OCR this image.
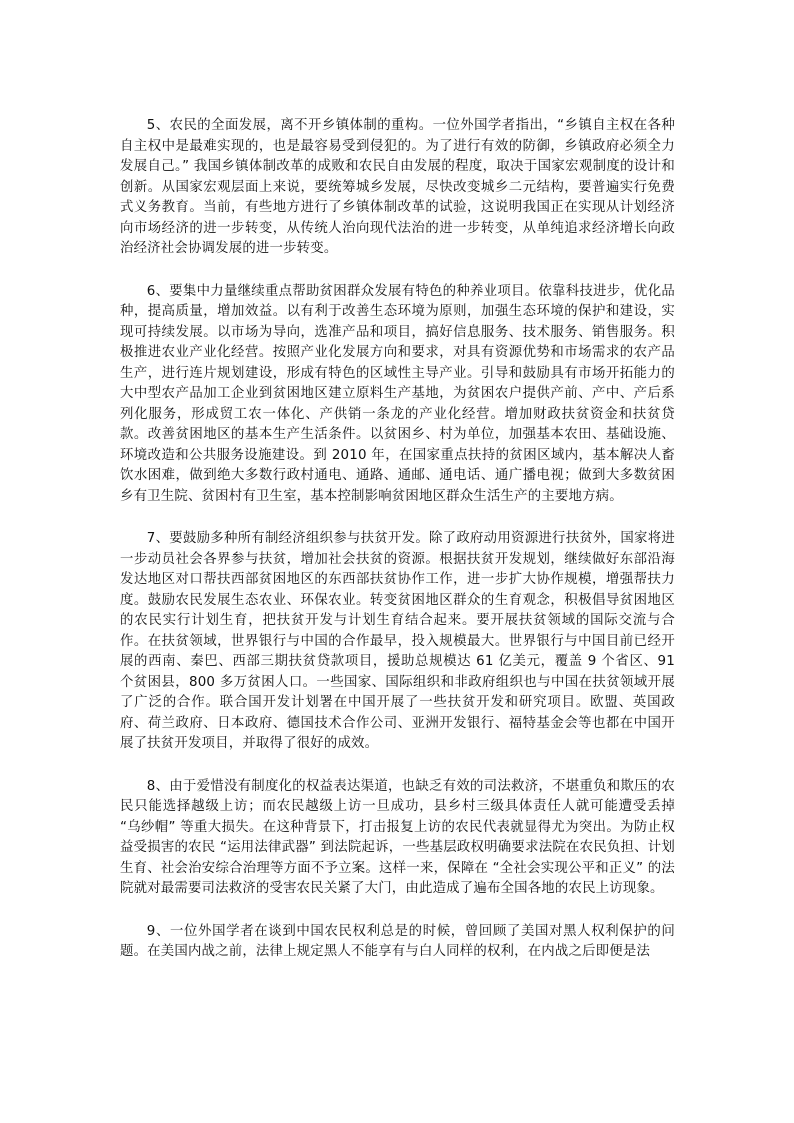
5、农民的全面发展，离不开乡镇体制的重构。一位外国学者指出，“乡镇自主权在各种自主权中是最难实现的，也是最容易受到侵犯的。为了进行有效的防御，乡镇政府必须全力发展自己。” 我国乡镇体制改革的成败和农民自由发展的程度，取决于国家宏观制度的设计和创新。从国家宏观层面上来说，要统筹城乡发展，尽快改变城乡二元结构，要普遍实行免费式义务教育。当前，有些地方进行了乡镇体制改革的试验，这说明我国正在实现从计划经济向市场经济的进一步转变，从传统人治向现代法治的进一步转变，从单纯追求经济增长向政治经济社会协调发展的进一步转变。

6、要集中力量继续重点帮助贫困群众发展有特色的种养业项目。依靠科技进步，优化品种，提高质量，增加效益。以有利于改善生态环境为原则，加强生态环境的保护和建设，实现可持续发展。以市场为导向，选准产品和项目，搞好信息服务、技术服务、销售服务。积极推进农业产业化经营。按照产业化发展方向和要求，对具有资源优势和市场需求的农产品生产，进行连片规划建设，形成有特色的区域性主导产业。引导和鼓励具有市场开拓能力的大中型农产品加工企业到贫困地区建立原料生产基地，为贫困农户提供产前、产中、产后系列化服务，形成贸工农一体化、产供销一条龙的产业化经营。增加财政扶贫资金和扶贫贷款。改善贫困地区的基本生产生活条件。以贫困乡、村为单位，加强基本农田、基础设施、环境改造和公共服务设施建设。到 2010 年，在国家重点扶持的贫困区域内，基本解决人畜饮水困难，做到绝大多数行政村通电、通路、通邮、通电话、通广播电视；做到大多数贫困乡有卫生院、贫困村有卫生室，基本控制影响贫困地区群众生活生产的主要地方病。

7、要鼓励多种所有制经济组织参与扶贫开发。除了政府动用资源进行扶贫外，国家将进一步动员社会各界参与扶贫，增加社会扶贫的资源。根据扶贫开发规划，继续做好东部沿海发达地区对口帮扶西部贫困地区的东西部扶贫协作工作，进一步扩大协作规模，增强帮扶力度。鼓励农民发展生态农业、环保农业。转变贫困地区群众的生育观念，积极倡导贫困地区的农民实行计划生育，把扶贫开发与计划生育结合起来。要开展扶贫领域的国际交流与合作。在扶贫领域，世界银行与中国的合作最早，投入规模最大。世界银行与中国目前已经开展的西南、秦巴、西部三期扶贫贷款项目，援助总规模达 61 亿美元，覆盖 9 个省区、91 个贫困县，800 多万贫困人口。一些国家、国际组织和非政府组织也与中国在扶贫领域开展了广泛的合作。联合国开发计划署在中国开展了一些扶贫开发和研究项目。欧盟、英国政府、荷兰政府、日本政府、德国技术合作公司、亚洲开发银行、福特基金会等也都在中国开展了扶贫开发项目，并取得了很好的成效。

8、由于爱惜没有制度化的权益表达渠道，也缺乏有效的司法救济，不堪重负和欺压的农民只能选择越级上访；而农民越级上访一旦成功，县乡村三级具体责任人就可能遭受丢掉 “乌纱帽” 等重大损失。在这种背景下，打击报复上访的农民代表就显得尤为突出。为防止权益受损害的农民 “运用法律武器” 到法院起诉，一些基层政权明确要求法院在农民负担、计划生育、社会治安综合治理等方面不予立案。这样一来，保障在 “全社会实现公平和正义” 的法院就对最需要司法救济的受害农民关紧了大门，由此造成了遍布全国各地的农民上访现象。

9、一位外国学者在谈到中国农民权利总是的时候，曾回顾了美国对黑人权利保护的问题。在美国内战之前，法律上规定黑人不能享有与白人同样的权利，在内战之后即便是法
